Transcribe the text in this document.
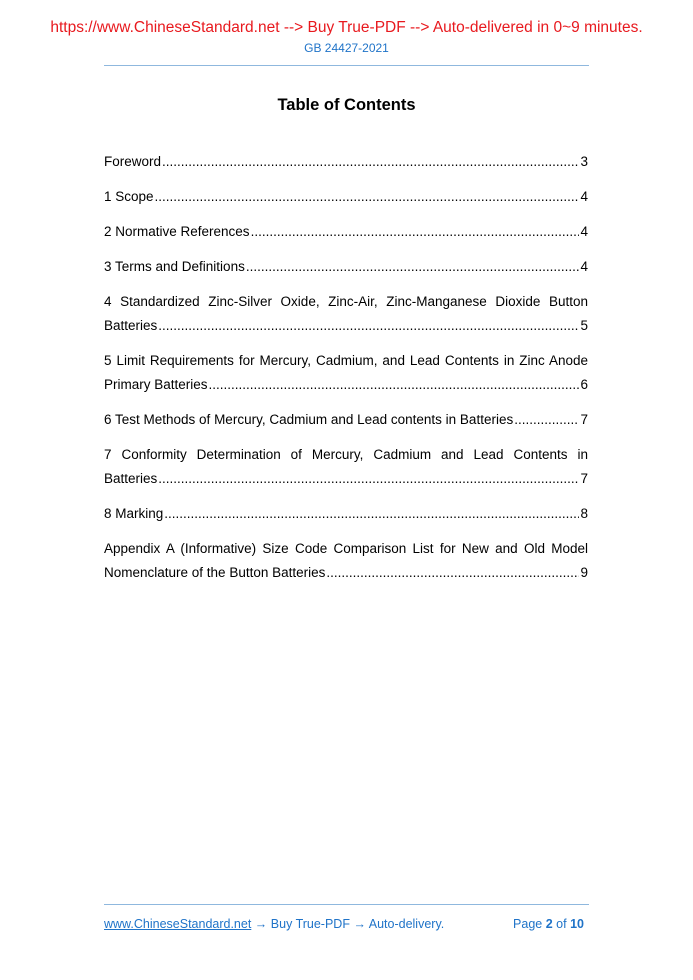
https://www.ChineseStandard.net --> Buy True-PDF --> Auto-delivered in 0~9 minutes.
GB 24427-2021
Table of Contents
Foreword .....	3
1 Scope .....	4
2 Normative References .....	4
3 Terms and Definitions .....	4
4 Standardized Zinc-Silver Oxide, Zinc-Air, Zinc-Manganese Dioxide Button
Batteries .....	5
5 Limit Requirements for Mercury, Cadmium, and Lead Contents in Zinc Anode
Primary Batteries .....	6
6 Test Methods of Mercury, Cadmium and Lead contents in Batteries .....	7
7 Conformity Determination of Mercury, Cadmium and Lead Contents in
Batteries .....	7
8 Marking .....	8
Appendix A (Informative) Size Code Comparison List for New and Old Model
Nomenclature of the Button Batteries .....	9
www.ChineseStandard.net → Buy True-PDF → Auto-delivery.	Page 2 of 10
